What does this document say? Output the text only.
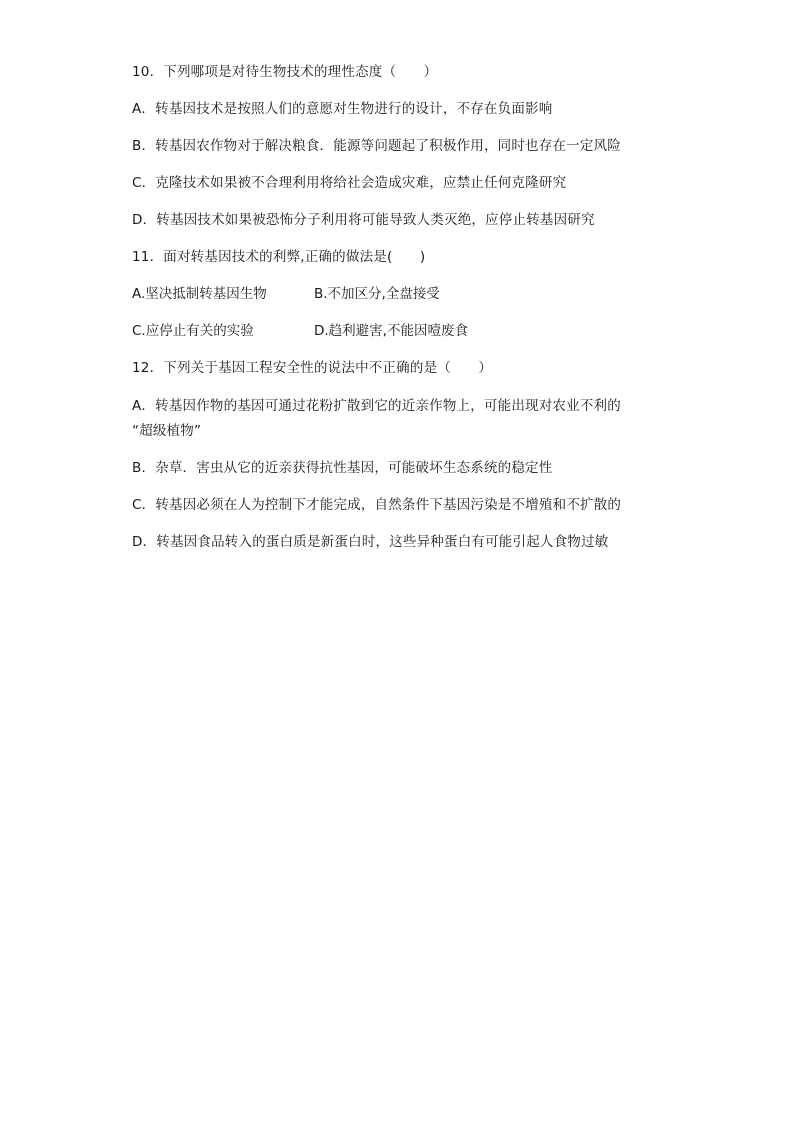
10．下列哪项是对待生物技术的理性态度（　　）
A．转基因技术是按照人们的意愿对生物进行的设计，不存在负面影响
B．转基因农作物对于解决粮食．能源等问题起了积极作用，同时也存在一定风险
C．克隆技术如果被不合理利用将给社会造成灾难，应禁止任何克隆研究
D．转基因技术如果被恐怖分子利用将可能导致人类灭绝，应停止转基因研究
11．面对转基因技术的利弊,正确的做法是(　　)
A.坚决抵制转基因生物	B.不加区分,全盘接受
C.应停止有关的实验	D.趋利避害,不能因噎废食
12．下列关于基因工程安全性的说法中不正确的是（　　）
A．转基因作物的基因可通过花粉扩散到它的近亲作物上，可能出现对农业不利的
“超级植物”
B．杂草．害虫从它的近亲获得抗性基因，可能破坏生态系统的稳定性
C．转基因必须在人为控制下才能完成，自然条件下基因污染是不增殖和不扩散的
D．转基因食品转入的蛋白质是新蛋白时，这些异种蛋白有可能引起人食物过敏
